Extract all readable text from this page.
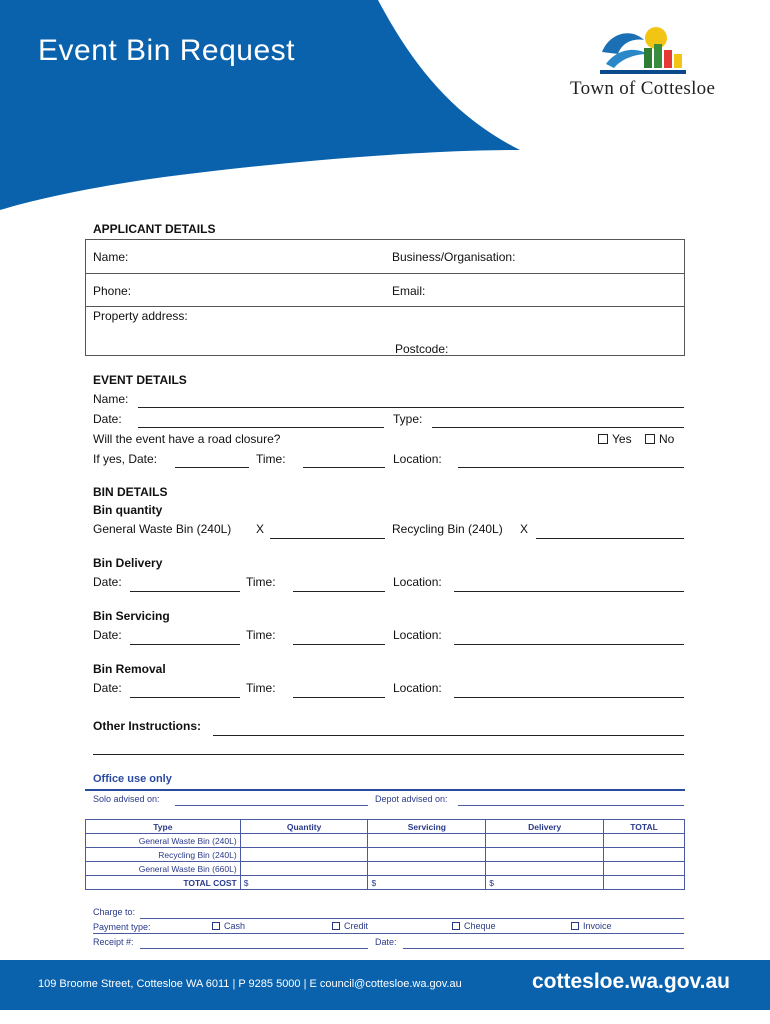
Event Bin Request
Town of Cottesloe
APPLICANT DETAILS
Name:	Business/Organisation:
Phone:	Email:
Property address:
Postcode:
EVENT DETAILS
Name:
Date:	Type:
Will the event have a road closure?	Yes	No
If yes, Date:	Time:	Location:
BIN DETAILS
Bin quantity
General Waste Bin (240L) X	Recycling Bin (240L) X
Bin Delivery
Date:	Time:	Location:
Bin Servicing
Date:	Time:	Location:
Bin Removal
Date:	Time:	Location:
Other Instructions:
Office use only
Solo advised on:	Depot advised on:
Type	Quantity	Servicing	Delivery	TOTAL
General Waste Bin (240L)				
Recycling Bin (240L)				
General Waste Bin (660L)				
TOTAL COST	$	$	$	
Charge to:
Payment type:	Cash	Credit	Cheque	Invoice
Receipt #:	Date:
109 Broome Street, Cottesloe WA 6011 | P 9285 5000 | E council@cottesloe.wa.gov.au	cottesloe.wa.gov.au
